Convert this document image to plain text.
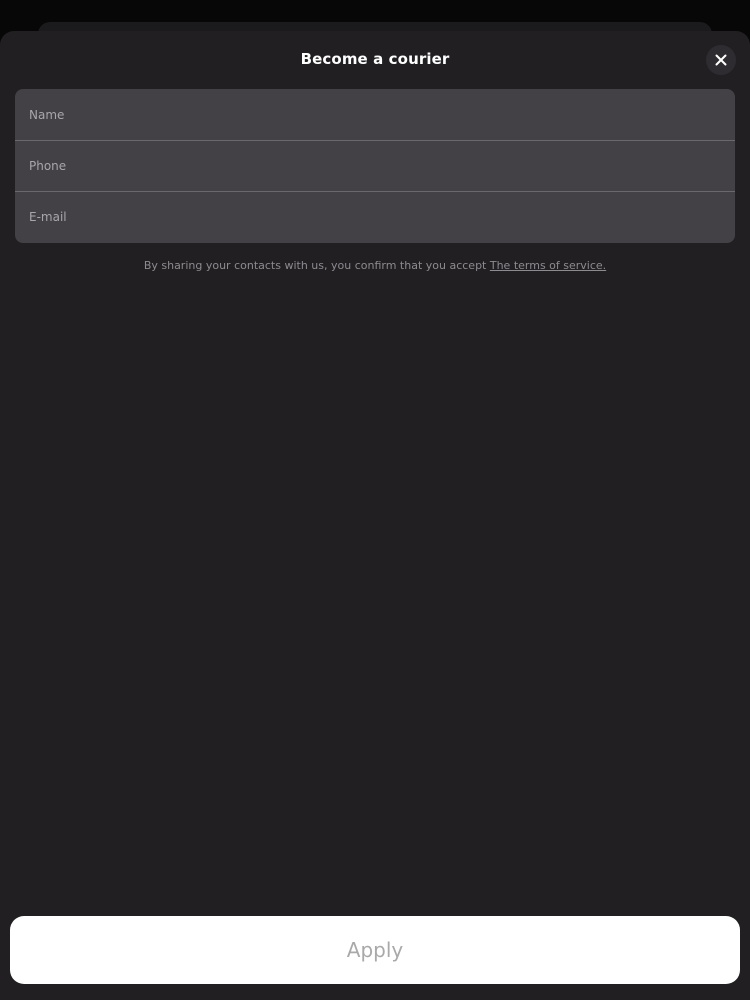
Become a courier
Name
Phone
E-mail
By sharing your contacts with us, you confirm that you accept The terms of service.
Apply
